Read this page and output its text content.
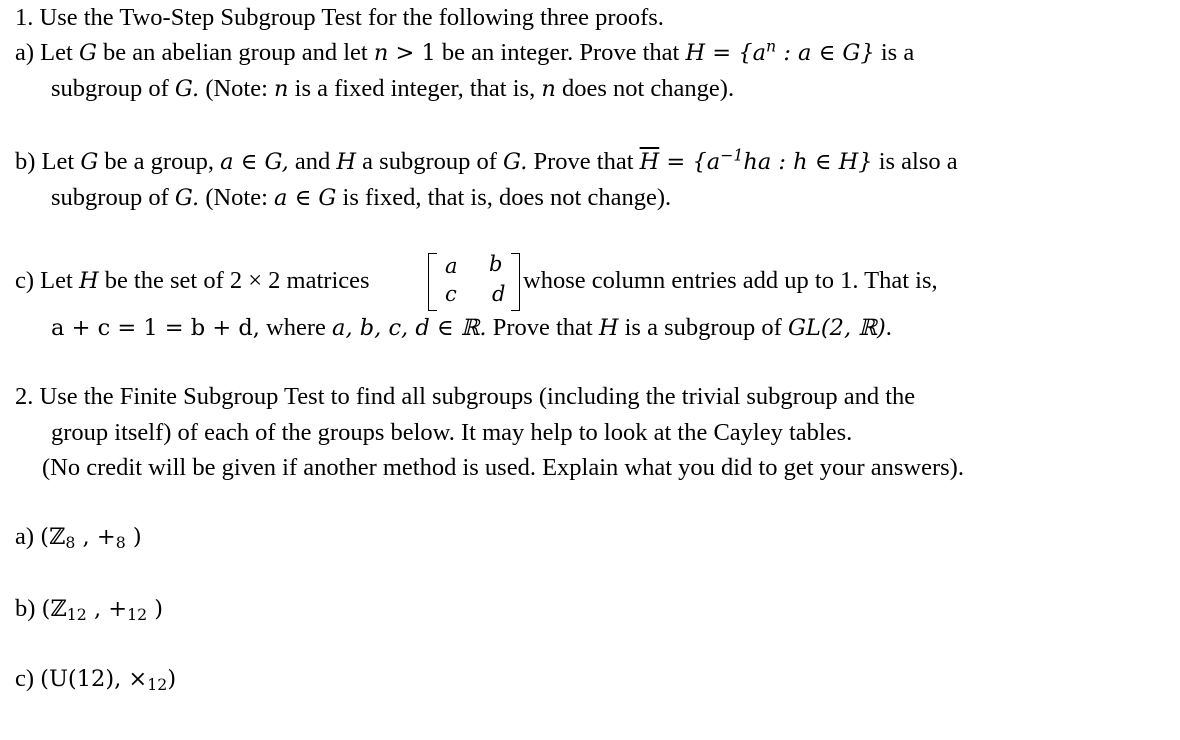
1. Use the Two-Step Subgroup Test for the following three proofs.
a) Let G be an abelian group and let n > 1 be an integer. Prove that $H = \{a^n$ : a ∈ G} is a
subgroup of G. (Note: n is a fixed integer, that is, n does not change).
b) Let G be a group, a ∈ G, and H a subgroup of G. Prove that $\overline{H} = \{a^{-1}ha$ : h ∈ H} is also a
subgroup of G. (Note: a ∈ G is fixed, that is, does not change).
c) Let H be the set of 2 × 2 matrices
a b
c d whose column entries add up to 1. That is,
a + c = 1 = b + d, where a, b, c, d ∈ ℝ. Prove that H is a subgroup of GL(2, ℝ).
2. Use the Finite Subgroup Test to find all subgroups (including the trivial subgroup and the
group itself) of each of the groups below. It may help to look at the Cayley tables.
(No credit will be given if another method is used. Explain what you did to get your answers).
a) (ℤ$_8$ , $+_8$ )
b) (ℤ$_{12}$ , $+_{12}$ )
c) (U(12), $\times_{12}$)
